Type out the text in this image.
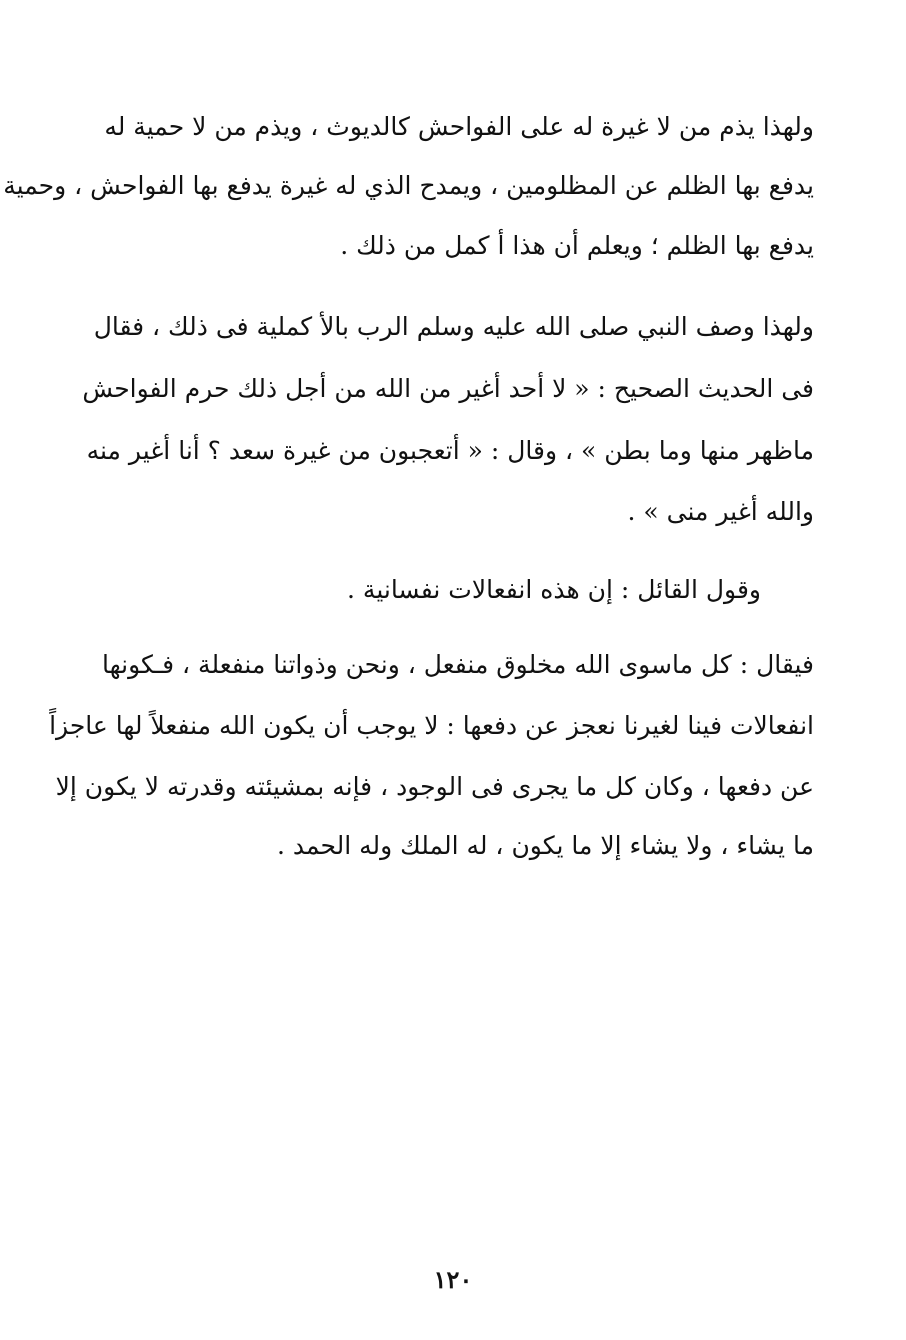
ولهذا يذم من لا غيرة له على الفواحش كالديوث ، ويذم من لا حمية له
يدفع بها الظلم عن المظلومين ، ويمدح الذي له غيرة يدفع بها الفواحش ، وحمية
يدفع بها الظلم ؛ ويعلم أن هذا أ كمل من ذلك .
ولهذا وصف النبي صلى الله عليه وسلم الرب بالأ كملية فى ذلك ، فقال
فى الحديث الصحيح : « لا أحد أغير من الله من أجل ذلك حرم الفواحش
ماظهر منها وما بطن » ، وقال : « أتعجبون من غيرة سعد ؟ أنا أغير منه
والله أغير منى » .
وقول القائل : إن هذه انفعالات نفسانية .
فيقال : كل ماسوى الله مخلوق منفعل ، ونحن وذواتنا منفعلة ، فـكونها
انفعالات فينا لغيرنا نعجز عن دفعها : لا يوجب أن يكون الله منفعلاً لها عاجزاً
عن دفعها ، وكان كل ما يجرى فى الوجود ، فإنه بمشيئته وقدرته لا يكون إلا
ما يشاء ، ولا يشاء إلا ما يكون ، له الملك وله الحمد .
١٢٠
